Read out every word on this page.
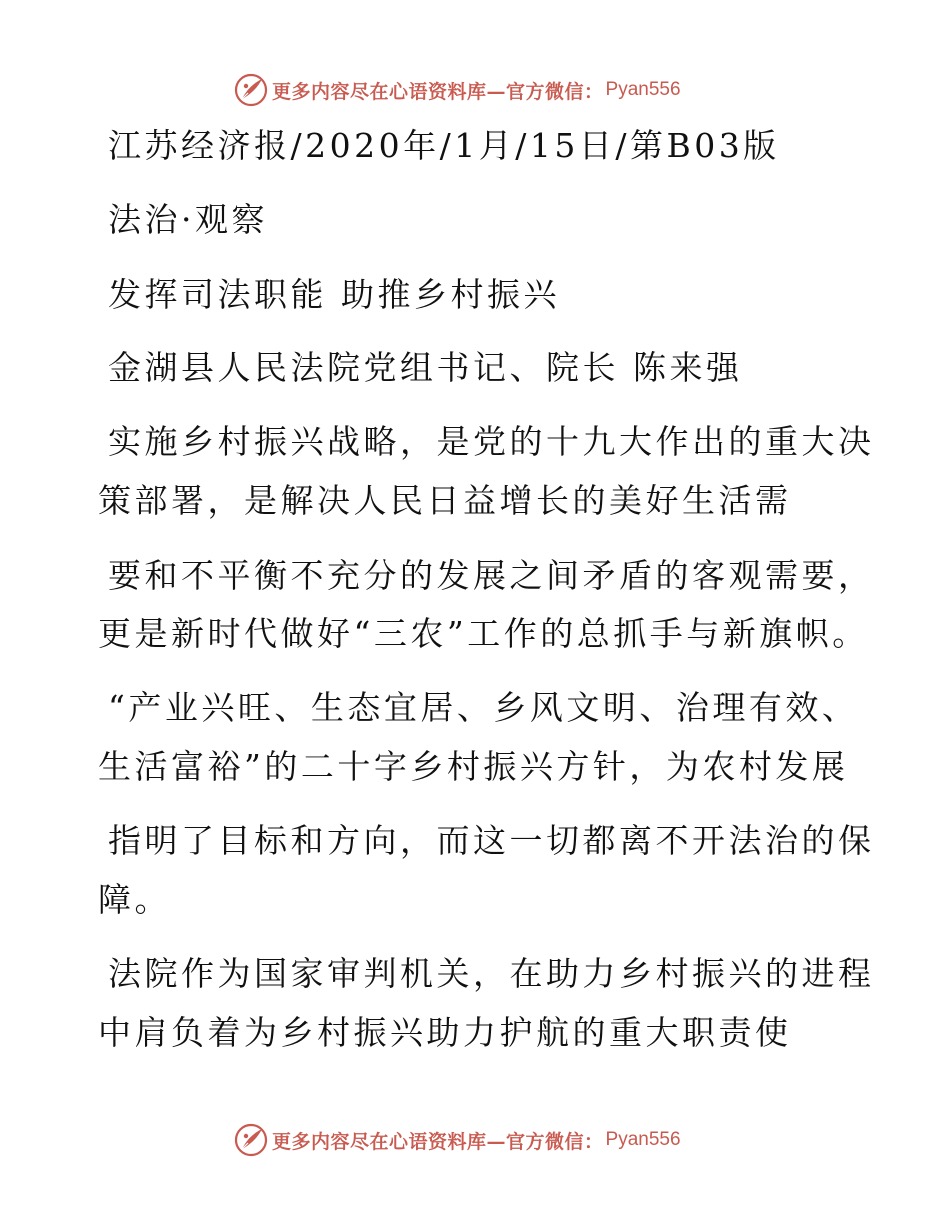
更多内容尽在心语资料库—官方微信： Pyan556
江苏经济报/2020年/1月/15日/第B03版
法治·观察
发挥司法职能 助推乡村振兴
金湖县人民法院党组书记、院长 陈来强
实施乡村振兴战略，是党的十九大作出的重大决
策部署，是解决人民日益增长的美好生活需
要和不平衡不充分的发展之间矛盾的客观需要，
更是新时代做好“三农”工作的总抓手与新旗帜。
“产业兴旺、生态宜居、乡风文明、治理有效、
生活富裕”的二十字乡村振兴方针，为农村发展
指明了目标和方向，而这一切都离不开法治的保
障。
法院作为国家审判机关，在助力乡村振兴的进程
中肩负着为乡村振兴助力护航的重大职责使
更多内容尽在心语资料库—官方微信： Pyan556
